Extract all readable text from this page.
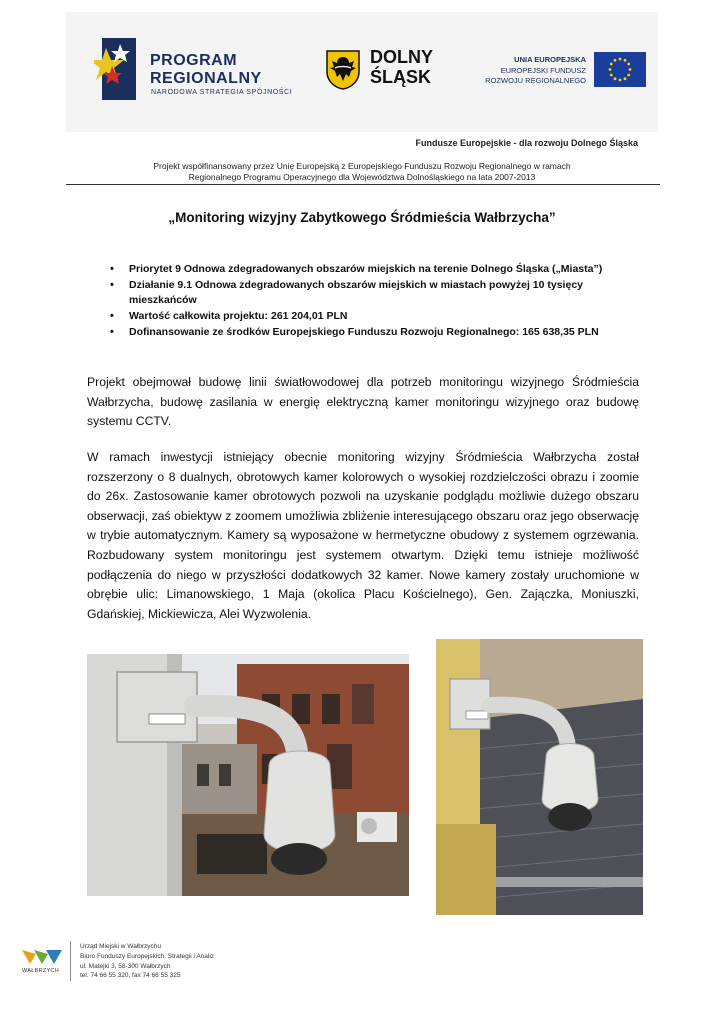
PROGRAM
REGIONALNY
NARODOWA STRATEGIA SPÓJNOŚCI
DOLNY
ŚLĄSK
UNIA EUROPEJSKA
EUROPEJSKI FUNDUSZ
ROZWOJU REGIONALNEGO
Fundusze Europejskie - dla rozwoju Dolnego Śląska
Projekt współfinansowany przez Unię Europejską z Europejskiego Funduszu Rozwoju Regionalnego w ramach
Regionalnego Programu Operacyjnego dla Województwa Dolnośląskiego na lata 2007-2013
„Monitoring wizyjny Zabytkowego Śródmieścia Wałbrzycha”
• Priorytet 9 Odnowa zdegradowanych obszarów miejskich na terenie Dolnego Śląska („Miasta”)
• Działanie 9.1 Odnowa zdegradowanych obszarów miejskich w miastach powyżej 10 tysięcy mieszkańców
• Wartość całkowita projektu: 261 204,01 PLN
• Dofinansowanie ze środków Europejskiego Funduszu Rozwoju Regionalnego: 165 638,35 PLN

Projekt obejmował budowę linii światłowodowej dla potrzeb monitoringu wizyjnego Śródmieścia Wałbrzycha, budowę zasilania w energię elektryczną kamer monitoringu wizyjnego oraz budowę systemu CCTV.

W ramach inwestycji istniejący obecnie monitoring wizyjny Śródmieścia Wałbrzycha został rozszerzony o 8 dualnych, obrotowych kamer kolorowych o wysokiej rozdzielczości obrazu i zoomie do 26x. Zastosowanie kamer obrotowych pozwoli na uzyskanie podglądu możliwie dużego obszaru obserwacji, zaś obiektyw z zoomem umożliwia zbliżenie interesującego obszaru oraz jego obserwację w trybie automatycznym. Kamery są wyposażone w hermetyczne obudowy z systemem ogrzewania. Rozbudowany system monitoringu jest systemem otwartym. Dzięki temu istnieje możliwość podłączenia do niego w przyszłości dodatkowych 32 kamer. Nowe kamery zostały uruchomione w obrębie ulic: Limanowskiego, 1 Maja (okolica Placu Kościelnego), Gen. Zajączka, Moniuszki, Gdańskiej, Mickiewicza, Alei Wyzwolenia.

WAŁBRZYCH
Urząd Miejski w Wałbrzychu
Biuro Funduszy Europejskich, Strategii i Analiz
ul. Matejki 3, 58-300 Wałbrzych
tel. 74 66 55 320, fax 74 66 55 325
